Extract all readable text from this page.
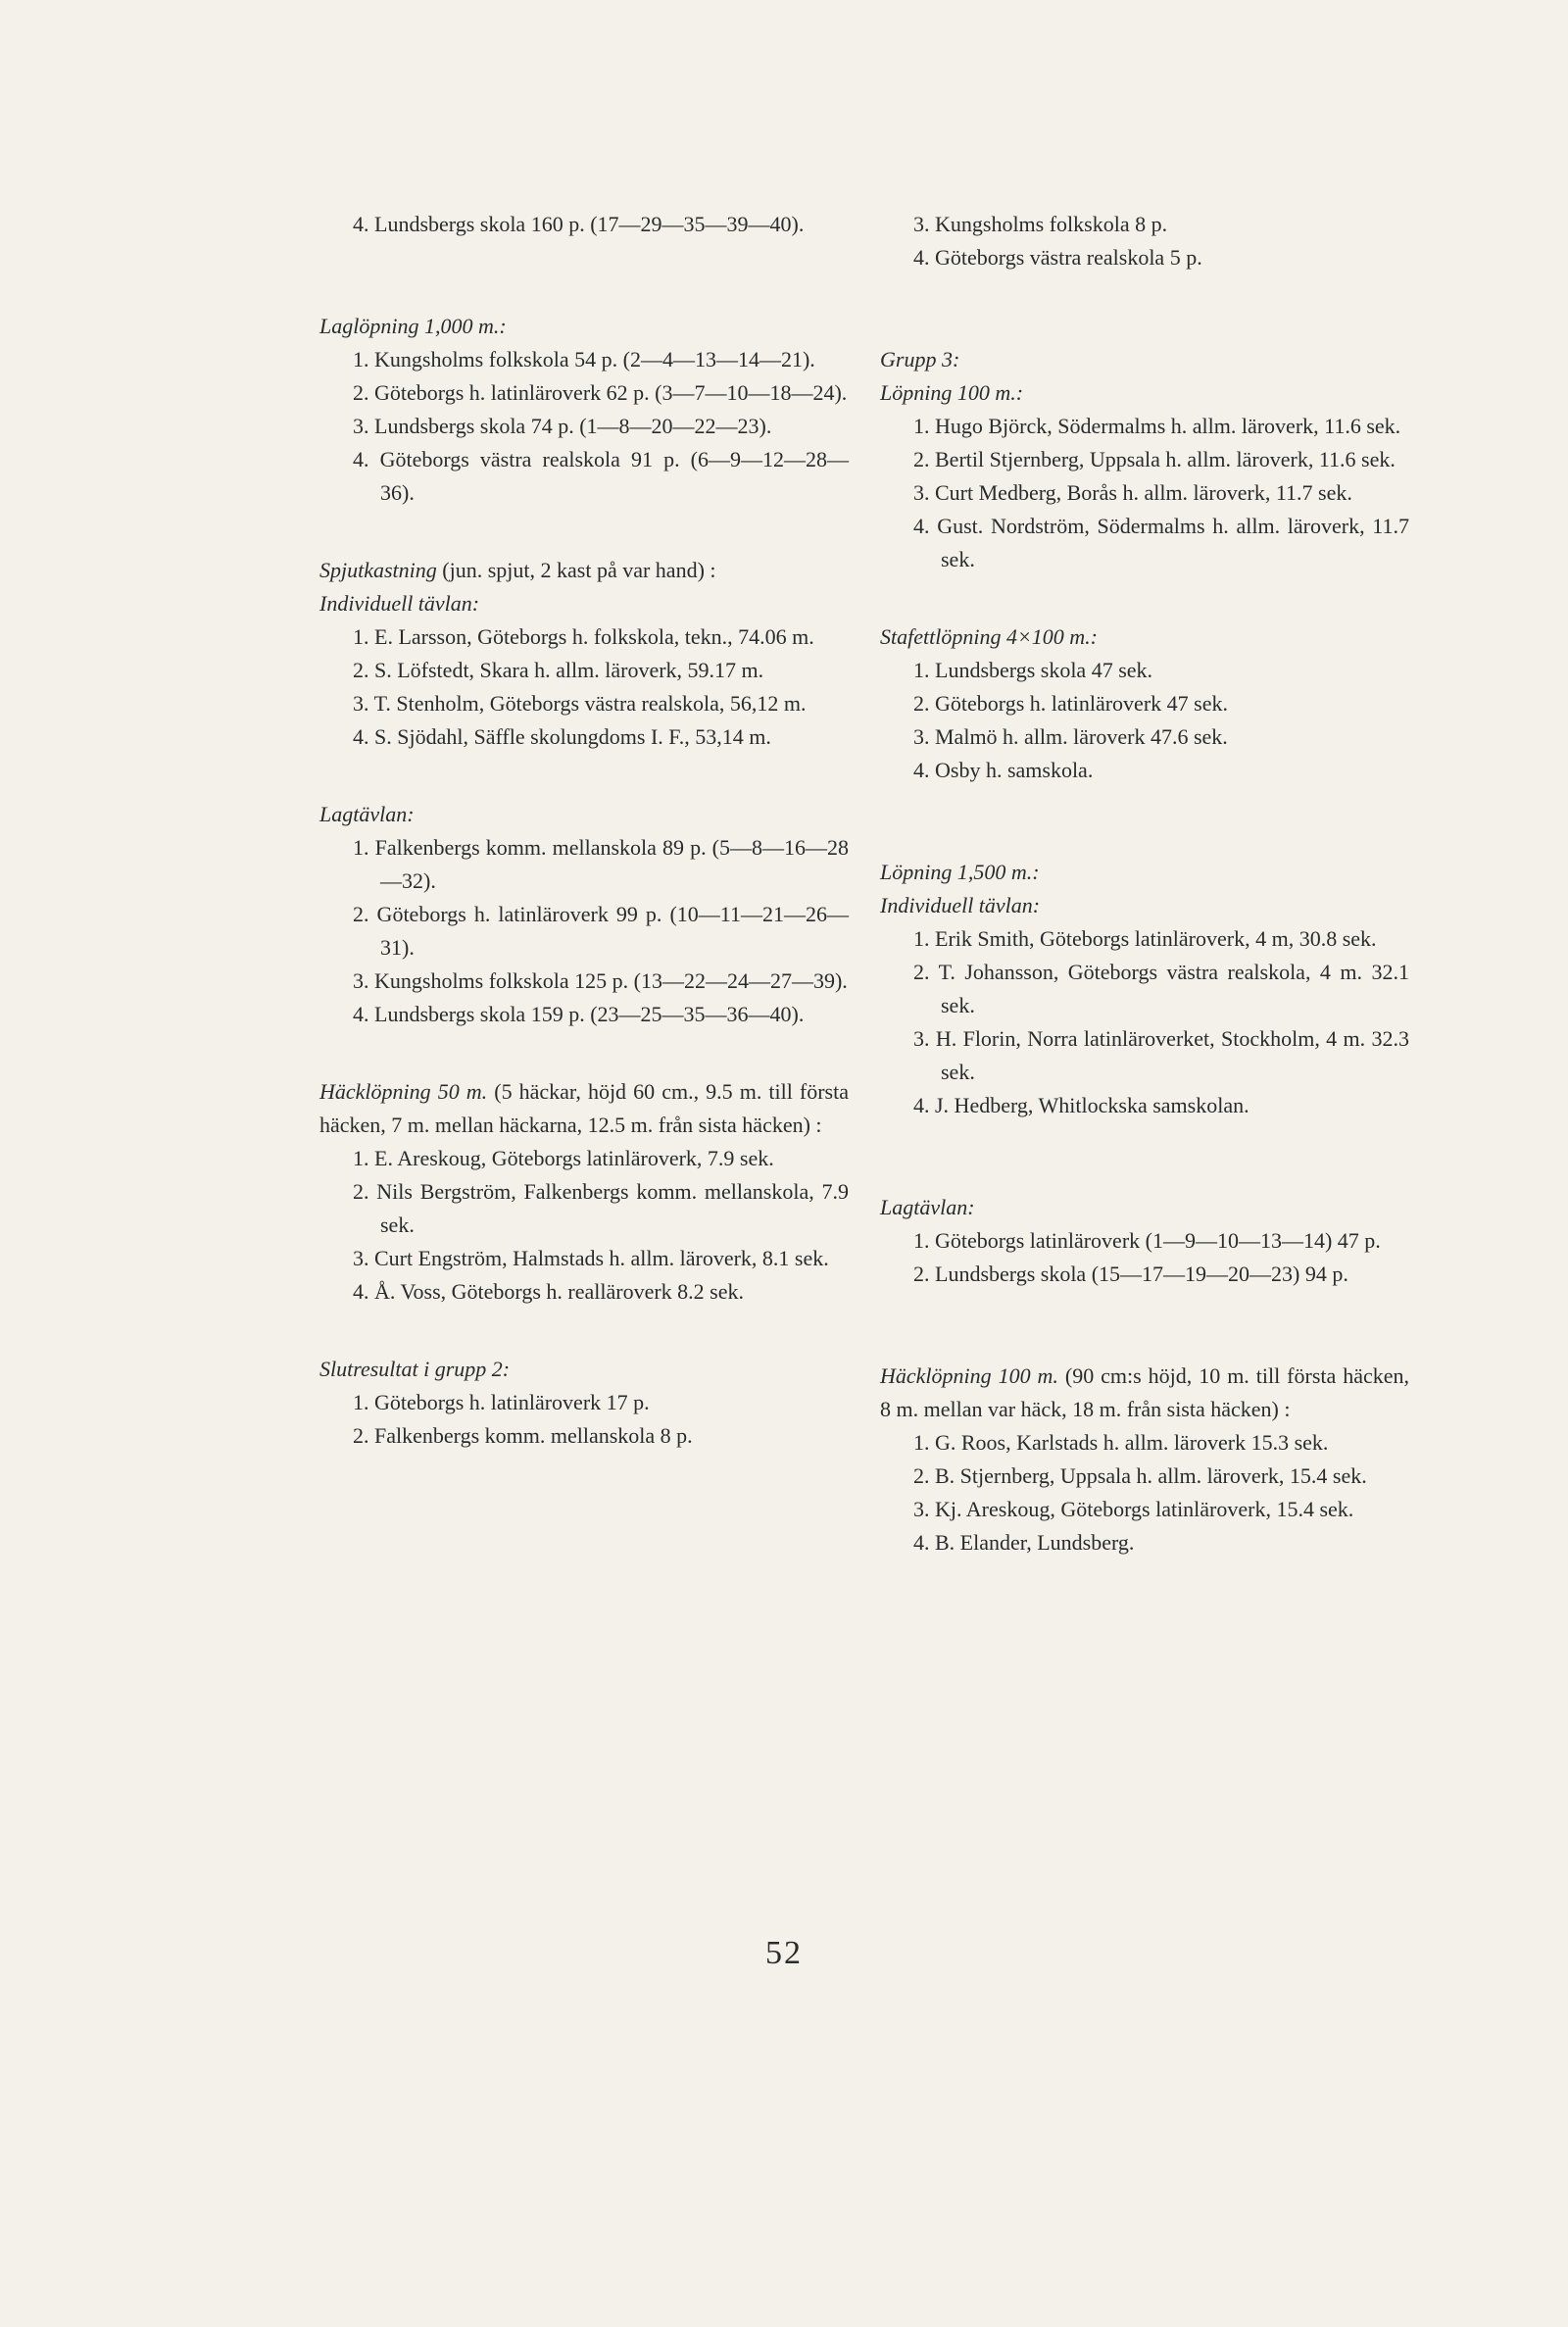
4. Lundsbergs skola 160 p. (17—29—35—39—40).

Laglöpning 1,000 m.:

1. Kungsholms folkskola 54 p. (2—4—13—14—21).
2. Göteborgs h. latinläroverk 62 p. (3—7—10—18—24).
3. Lundsbergs skola 74 p. (1—8—20—22—23).
4. Göteborgs västra realskola 91 p. (6—9—12—28—36).

Spjutkastning (jun. spjut, 2 kast på var hand) :

Individuell tävlan:

1. E. Larsson, Göteborgs h. folkskola, tekn., 74.06 m.
2. S. Löfstedt, Skara h. allm. läroverk, 59.17 m.
3. T. Stenholm, Göteborgs västra realskola, 56,12 m.
4. S. Sjödahl, Säffle skolungdoms I. F., 53,14 m.

Lagtävlan:

1. Falkenbergs komm. mellanskola 89 p. (5—8—16—28—32).
2. Göteborgs h. latinläroverk 99 p. (10—11—21—26—31).
3. Kungsholms folkskola 125 p. (13—22—24—27—39).
4. Lundsbergs skola 159 p. (23—25—35—36—40).

Häcklöpning 50 m. (5 häckar, höjd 60 cm., 9.5 m. till första häcken, 7 m. mellan häckarna, 12.5 m. från sista häcken) :

1. E. Areskoug, Göteborgs latinläroverk, 7.9 sek.
2. Nils Bergström, Falkenbergs komm. mellanskola, 7.9 sek.
3. Curt Engström, Halmstads h. allm. läroverk, 8.1 sek.
4. Å. Voss, Göteborgs h. realläroverk 8.2 sek.

Slutresultat i grupp 2:

1. Göteborgs h. latinläroverk 17 p.
2. Falkenbergs komm. mellanskola 8 p.
3. Kungsholms folkskola 8 p.
4. Göteborgs västra realskola 5 p.

Grupp 3:

Löpning 100 m.:

1. Hugo Björck, Södermalms h. allm. läroverk, 11.6 sek.
2. Bertil Stjernberg, Uppsala h. allm. läroverk, 11.6 sek.
3. Curt Medberg, Borås h. allm. läroverk, 11.7 sek.
4. Gust. Nordström, Södermalms h. allm. läroverk, 11.7 sek.

Stafettlöpning 4×100 m.:

1. Lundsbergs skola 47 sek.
2. Göteborgs h. latinläroverk 47 sek.
3. Malmö h. allm. läroverk 47.6 sek.
4. Osby h. samskola.

Löpning 1,500 m.:

Individuell tävlan:

1. Erik Smith, Göteborgs latinläroverk, 4 m, 30.8 sek.
2. T. Johansson, Göteborgs västra realskola, 4 m. 32.1 sek.
3. H. Florin, Norra latinläroverket, Stockholm, 4 m. 32.3 sek.
4. J. Hedberg, Whitlockska samskolan.

Lagtävlan:

1. Göteborgs latinläroverk (1—9—10—13—14) 47 p.
2. Lundsbergs skola (15—17—19—20—23) 94 p.

Häcklöpning 100 m. (90 cm:s höjd, 10 m. till första häcken, 8 m. mellan var häck, 18 m. från sista häcken) :

1. G. Roos, Karlstads h. allm. läroverk 15.3 sek.
2. B. Stjernberg, Uppsala h. allm. läroverk, 15.4 sek.
3. Kj. Areskoug, Göteborgs latinläroverk, 15.4 sek.
4. B. Elander, Lundsberg.
52
